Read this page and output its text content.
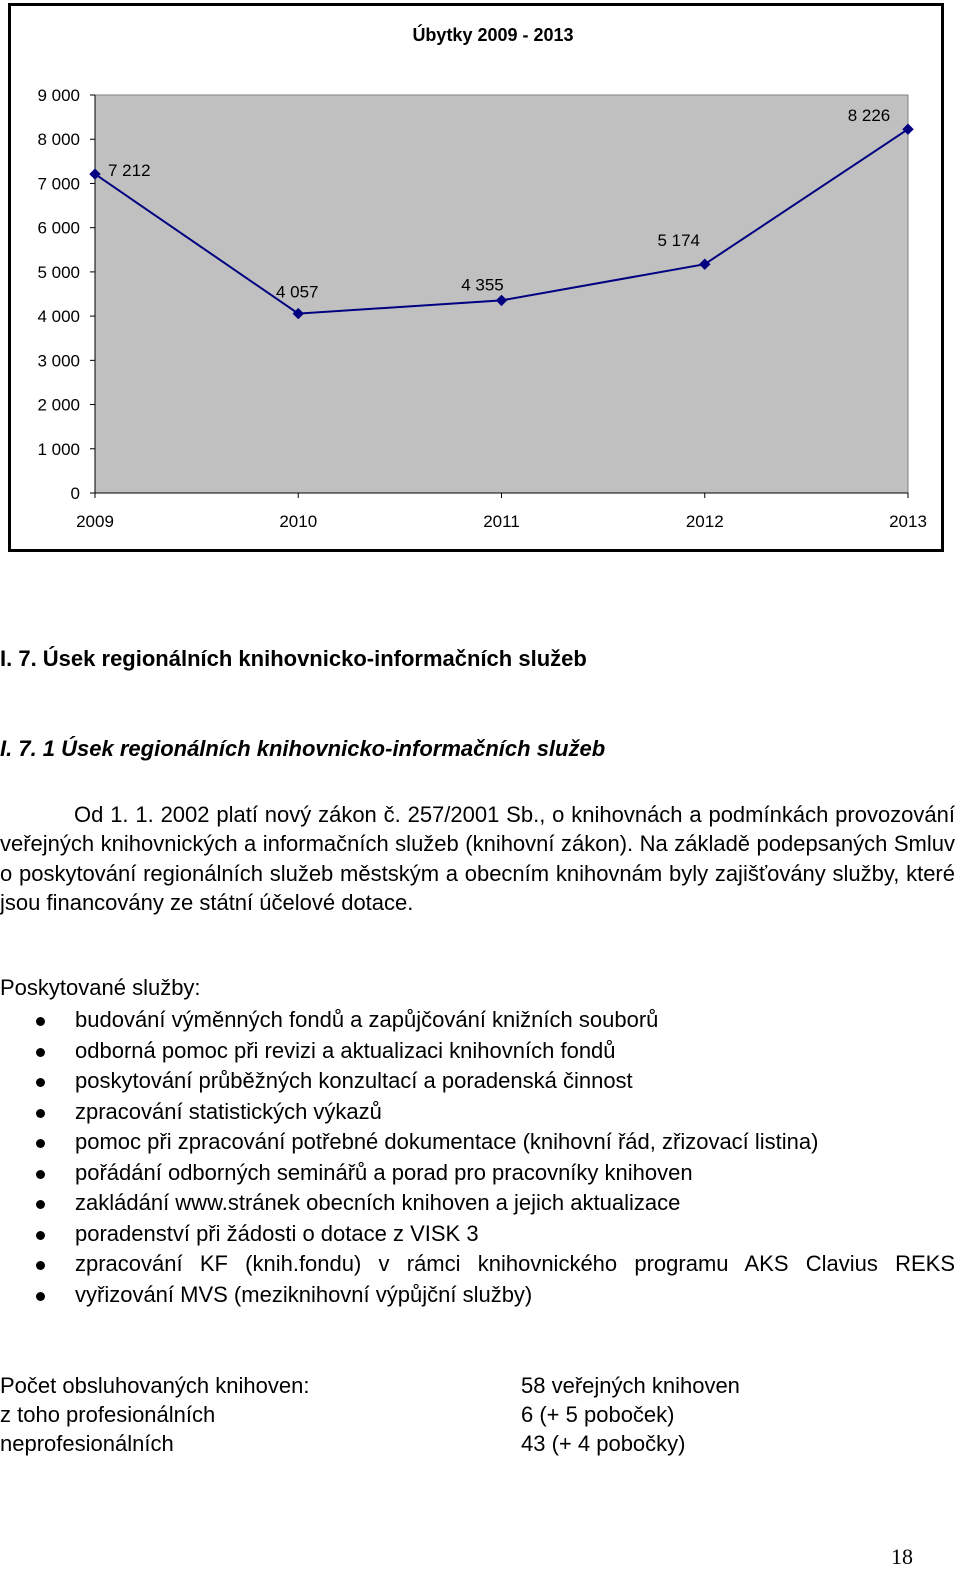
Úbytky 2009 - 2013
0
1 000
2 000
3 000
4 000
5 000
6 000
7 000
8 000
9 000
2009	2010	2011	2012	2013
7 212
4 057	4 355
5 174
8 226
I. 7. Úsek regionálních knihovnicko-informačních služeb
I. 7. 1 Úsek regionálních knihovnicko-informačních služeb

Od 1. 1. 2002 platí nový zákon č. 257/2001 Sb., o knihovnách a podmínkách provozování veřejných knihovnických a informačních služeb (knihovní zákon). Na základě podepsaných Smluv o poskytování regionálních služeb městským a obecním knihovnám byly zajišťovány služby, které jsou financovány ze státní účelové dotace.

Poskytované služby:
budování výměnných fondů a zapůjčování knižních souborů
odborná pomoc při revizi a aktualizaci knihovních fondů
poskytování průběžných konzultací a poradenská činnost
zpracování statistických výkazů
pomoc při zpracování potřebné dokumentace (knihovní řád, zřizovací listina)
pořádání odborných seminářů a porad pro pracovníky knihoven
zakládání www.stránek obecních knihoven a jejich aktualizace
poradenství při žádosti o dotace z VISK 3
zpracování KF (knih.fondu) v rámci knihovnického programu AKS Clavius REKS
vyřizování MVS (meziknihovní výpůjční služby)
Počet obsluhovaných knihoven:	58 veřejných knihoven
z toho profesionálních	6 (+ 5 poboček)
neprofesionálních	43 (+ 4 pobočky)
18
